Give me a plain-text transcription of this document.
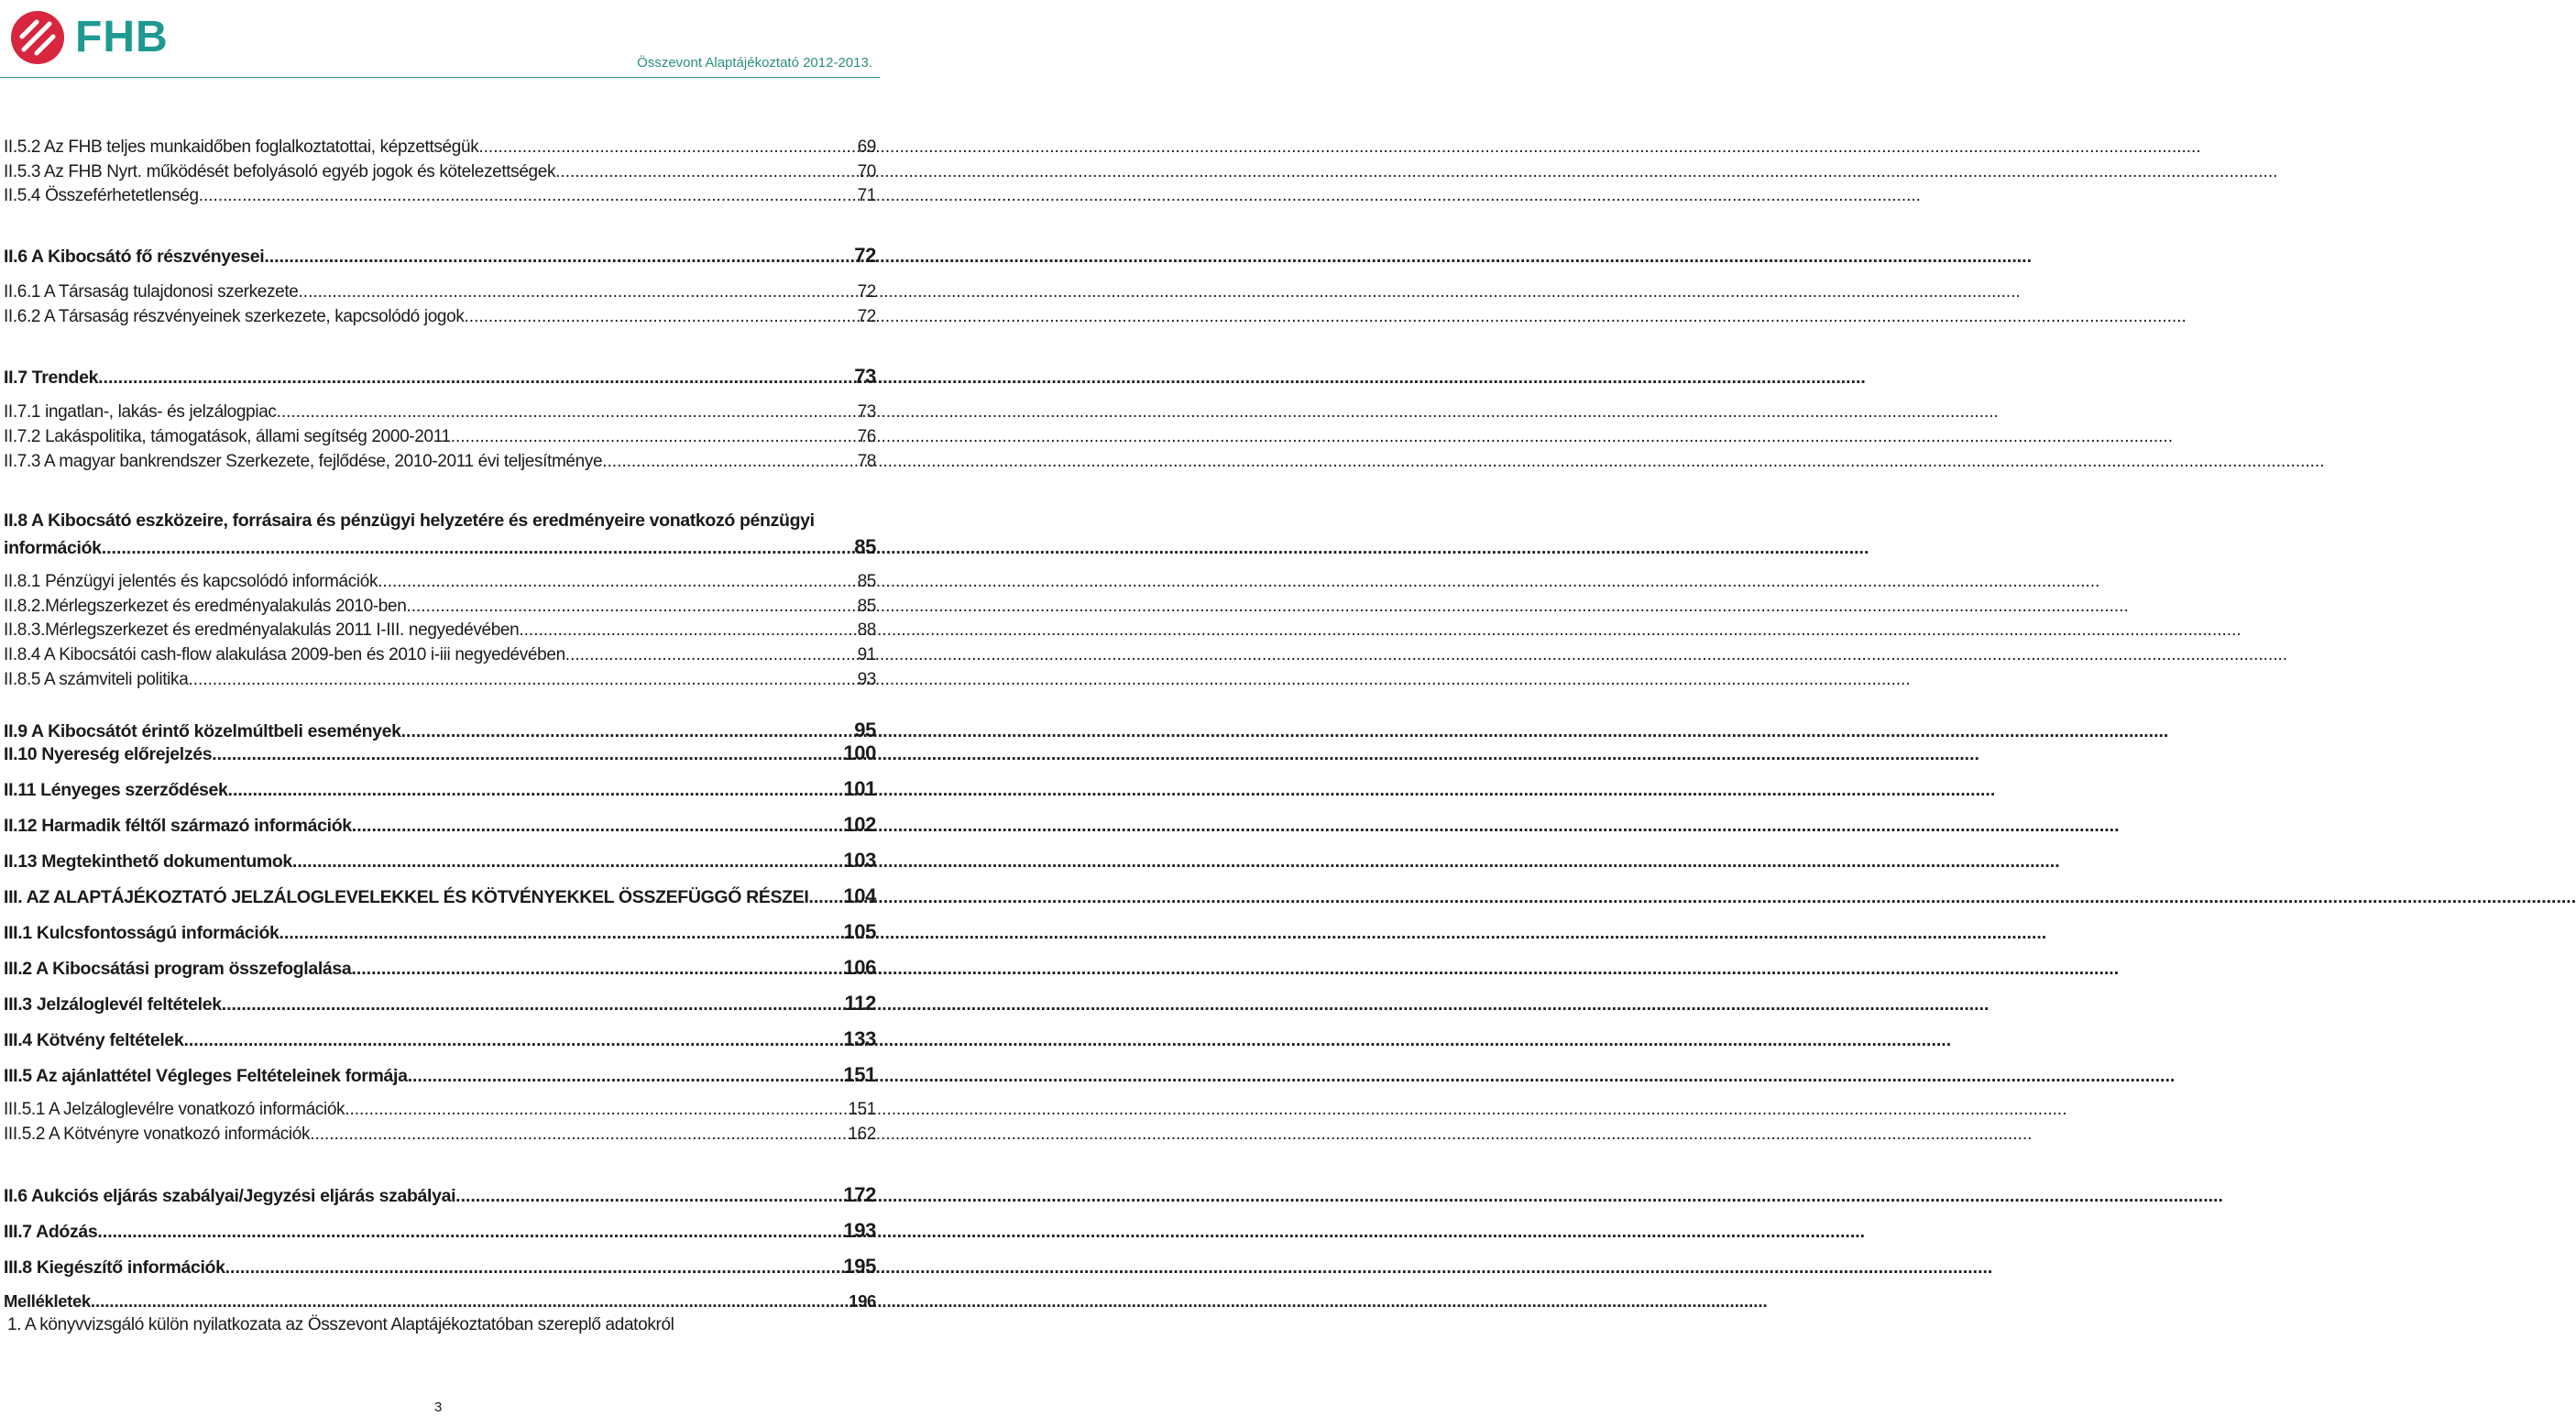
FHB
Összevont Alaptájékoztató 2012-2013.
II.5.2 Az FHB teljes munkaidőben foglalkoztatottai, képzettségük .....	69
II.5.3 Az FHB Nyrt. működését befolyásoló egyéb jogok és kötelezettségek .....	70
II.5.4 Összeférhetetlenség .....	71
II.6 A Kibocsátó fő részvényesei .....	72
II.6.1 A Társaság tulajdonosi szerkezete .....	72
II.6.2 A Társaság részvényeinek szerkezete, kapcsolódó jogok .....	72
II.7 Trendek .....	73
II.7.1 ingatlan-, lakás- és jelzálogpiac .....	73
II.7.2 Lakáspolitika, támogatások, állami segítség 2000-2011 .....	76
II.7.3 A magyar bankrendszer Szerkezete, fejlődése, 2010-2011 évi teljesítménye .....	78
II.8 A Kibocsátó eszközeire, forrásaira és pénzügyi helyzetére és eredményeire vonatkozó pénzügyi
információk .....	85
II.8.1 Pénzügyi jelentés és kapcsolódó információk .....	85
II.8.2.Mérlegszerkezet és eredményalakulás 2010-ben .....	85
II.8.3.Mérlegszerkezet és eredményalakulás 2011 I-III. negyedévében .....	88
II.8.4 A Kibocsátói cash-flow alakulása 2009-ben és 2010 i-iii negyedévében .....	91
II.8.5 A számviteli politika .....	93
II.9 A Kibocsátót érintő közelmúltbeli események .....	95
II.10 Nyereség előrejelzés .....	100
II.11 Lényeges szerződések .....	101
II.12 Harmadik féltől származó információk .....	102
II.13 Megtekinthető dokumentumok .....	103
III. AZ ALAPTÁJÉKOZTATÓ JELZÁLOGLEVELEKKEL ÉS KÖTVÉNYEKKEL ÖSSZEFÜGGŐ RÉSZEI ..... 104
III.1 Kulcsfontosságú információk .....	105
III.2 A Kibocsátási program összefoglalása .....	106
III.3 Jelzáloglevél feltételek .....	112
III.4 Kötvény feltételek .....	133
III.5 Az ajánlattétel Végleges Feltételeinek formája .....	151
III.5.1 A Jelzáloglevélre vonatkozó információk .....	151
III.5.2 A Kötvényre vonatkozó információk .....	162
II.6 Aukciós eljárás szabályai/Jegyzési eljárás szabályai .....	172
III.7 Adózás .....	193
III.8 Kiegészítő információk .....	195
Mellékletek .....	196
1. A könyvvizsgáló külön nyilatkozata az Összevont Alaptájékoztatóban szereplő adatokról
3
